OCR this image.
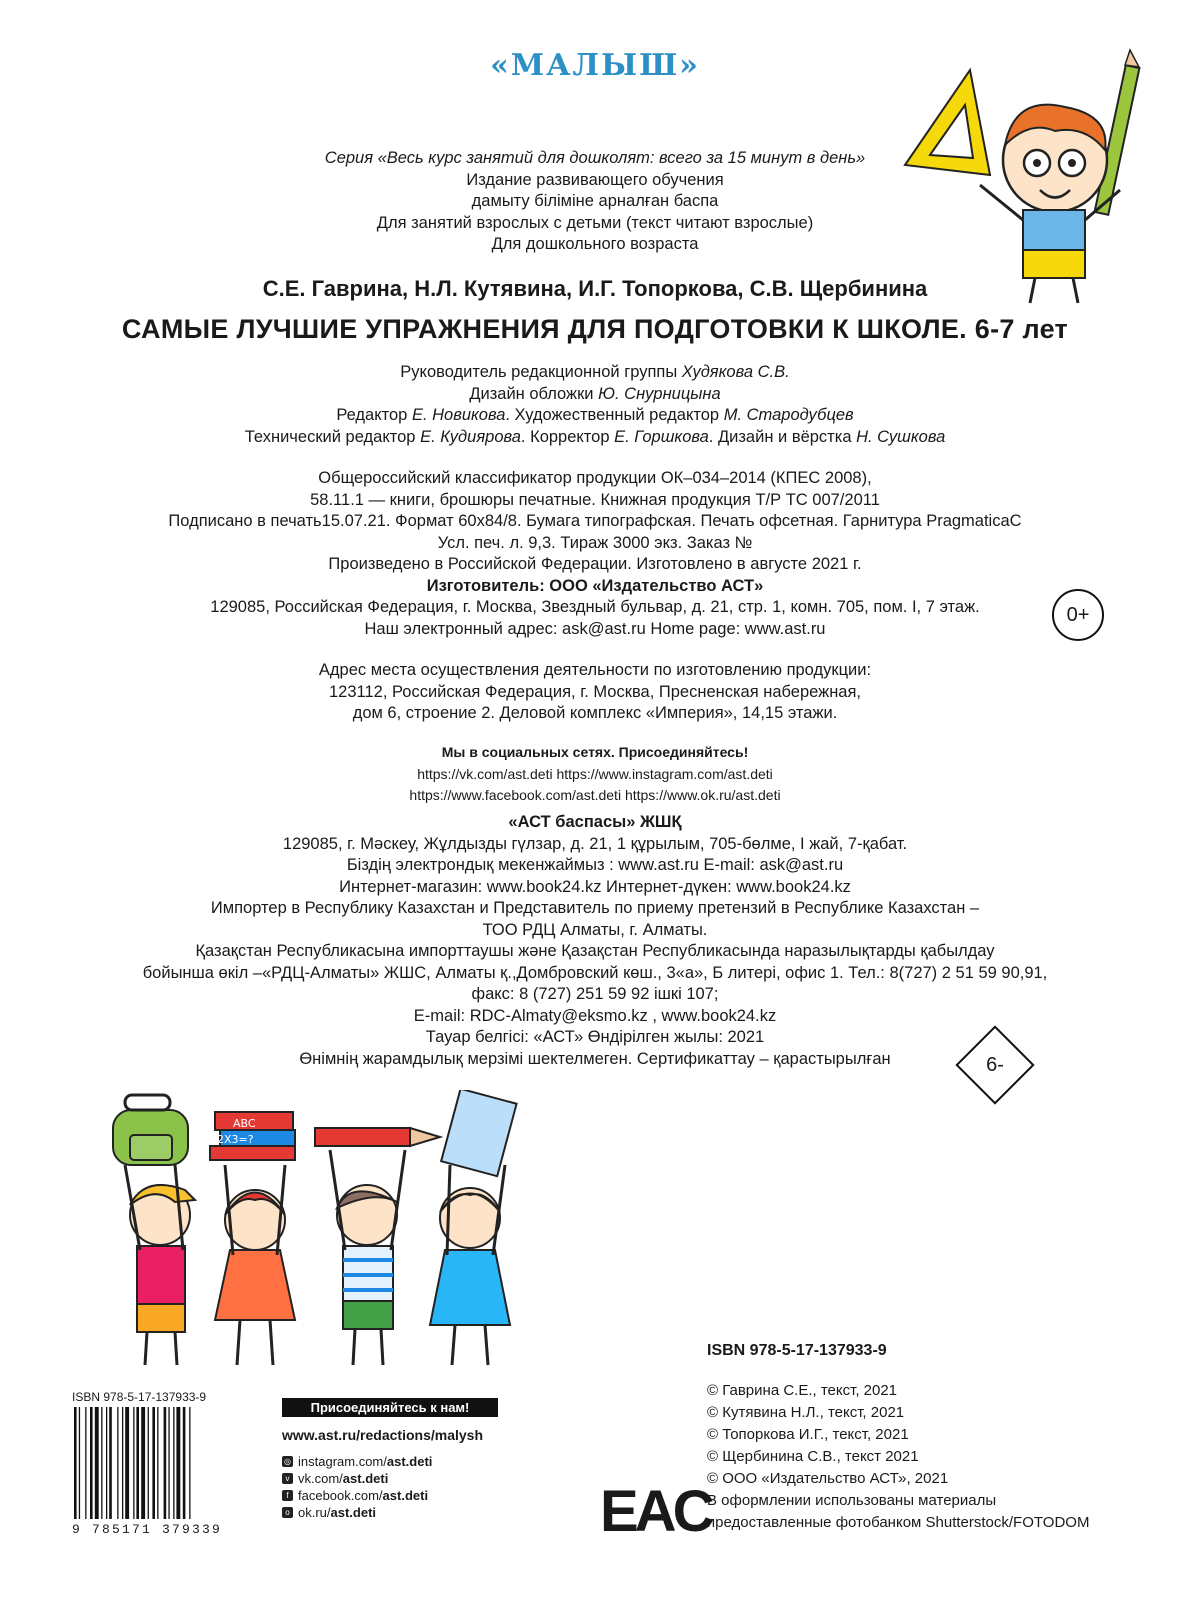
«МАЛЫШ»
Серия «Весь курс занятий для дошколят: всего за 15 минут в день»
Издание развивающего обучения
дамыту біліміне арналған баспа
Для занятий взрослых с детьми (текст читают взрослые)
Для дошкольного возраста
С.Е. Гаврина, Н.Л. Кутявина, И.Г. Топоркова, С.В. Щербинина
САМЫЕ ЛУЧШИЕ УПРАЖНЕНИЯ ДЛЯ ПОДГОТОВКИ К ШКОЛЕ. 6-7 лет
Руководитель редакционной группы Худякова С.В.
Дизайн обложки Ю. Снурницына
Редактор Е. Новикова. Художественный редактор М. Стародубцев
Технический редактор Е. Кудиярова. Корректор Е. Горшкова. Дизайн и вёрстка Н. Сушкова
Общероссийский классификатор продукции ОК–034–2014 (КПЕС 2008),
58.11.1 — книги, брошюры печатные. Книжная продукция Т/Р ТС 007/2011
Подписано в печать15.07.21. Формат 60х84/8. Бумага типографская. Печать офсетная. Гарнитура PragmaticaC
Усл. печ. л. 9,3. Тираж 3000 экз. Заказ №
Произведено в Российской Федерации. Изготовлено в августе 2021 г.
Изготовитель: ООО «Издательство АСТ»
129085, Российская Федерация, г. Москва, Звездный бульвар, д. 21, стр. 1, комн. 705, пом. I, 7 этаж.
Наш электронный адрес: ask@ast.ru Home page: www.ast.ru
0+
Адрес места осуществления деятельности по изготовлению продукции:
123112, Российская Федерация, г. Москва, Пресненская набережная,
дом 6, строение 2. Деловой комплекс «Империя», 14,15 этажи.
Мы в социальных сетях. Присоединяйтесь!
https://vk.com/ast.deti https://www.instagram.com/ast.deti
https://www.facebook.com/ast.deti https://www.ok.ru/ast.deti
«АСТ баспасы» ЖШҚ
129085, г. Мәскеу, Жұлдызды гүлзар, д. 21, 1 құрылым, 705-бөлме, I жай, 7-қабат.
Біздің электрондық мекенжаймыз : www.ast.ru E-mail: ask@ast.ru
Интернет-магазин: www.book24.kz Интернет-дүкен: www.book24.kz
Импортер в Республику Казахстан и Представитель по приему претензий в Республике Казахстан –
ТОО РДЦ Алматы, г. Алматы.
Қазақстан Республикасына импорттаушы және Қазақстан Республикасында наразылықтарды қабылдау
бойынша өкіл –«РДЦ-Алматы» ЖШС, Алматы қ.,Домбровский көш., 3«а», Б литері, офис 1. Тел.: 8(727) 2 51 59 90,91,
факс: 8 (727) 251 59 92 ішкі 107;
E-mail: RDC-Almaty@eksmo.kz , www.book24.kz
Тауар белгісі: «АСТ» Өндірілген жылы: 2021
Өнімнің жарамдылық мерзімі шектелмеген. Сертификаттау – қарастырылған	6-
ABC
2X3=?
ISBN 978-5-17-137933-9
9 785171 379339
Присоединяйтесь к нам!
www.ast.ru/redactions/malysh
◎ instagram.com/ ast.deti
v vk.com/ ast.deti
f facebook.com/ ast.deti
o ok.ru/ ast.deti	EAC
ISBN 978-5-17-137933-9
© Гаврина С.Е., текст, 2021
© Кутявина Н.Л., текст, 2021
© Топоркова И.Г., текст, 2021
© Щербинина С.В., текст 2021
© ООО «Издательство АСТ», 2021
В оформлении использованы материалы
предоставленные фотобанком Shutterstock/FOTODOM
